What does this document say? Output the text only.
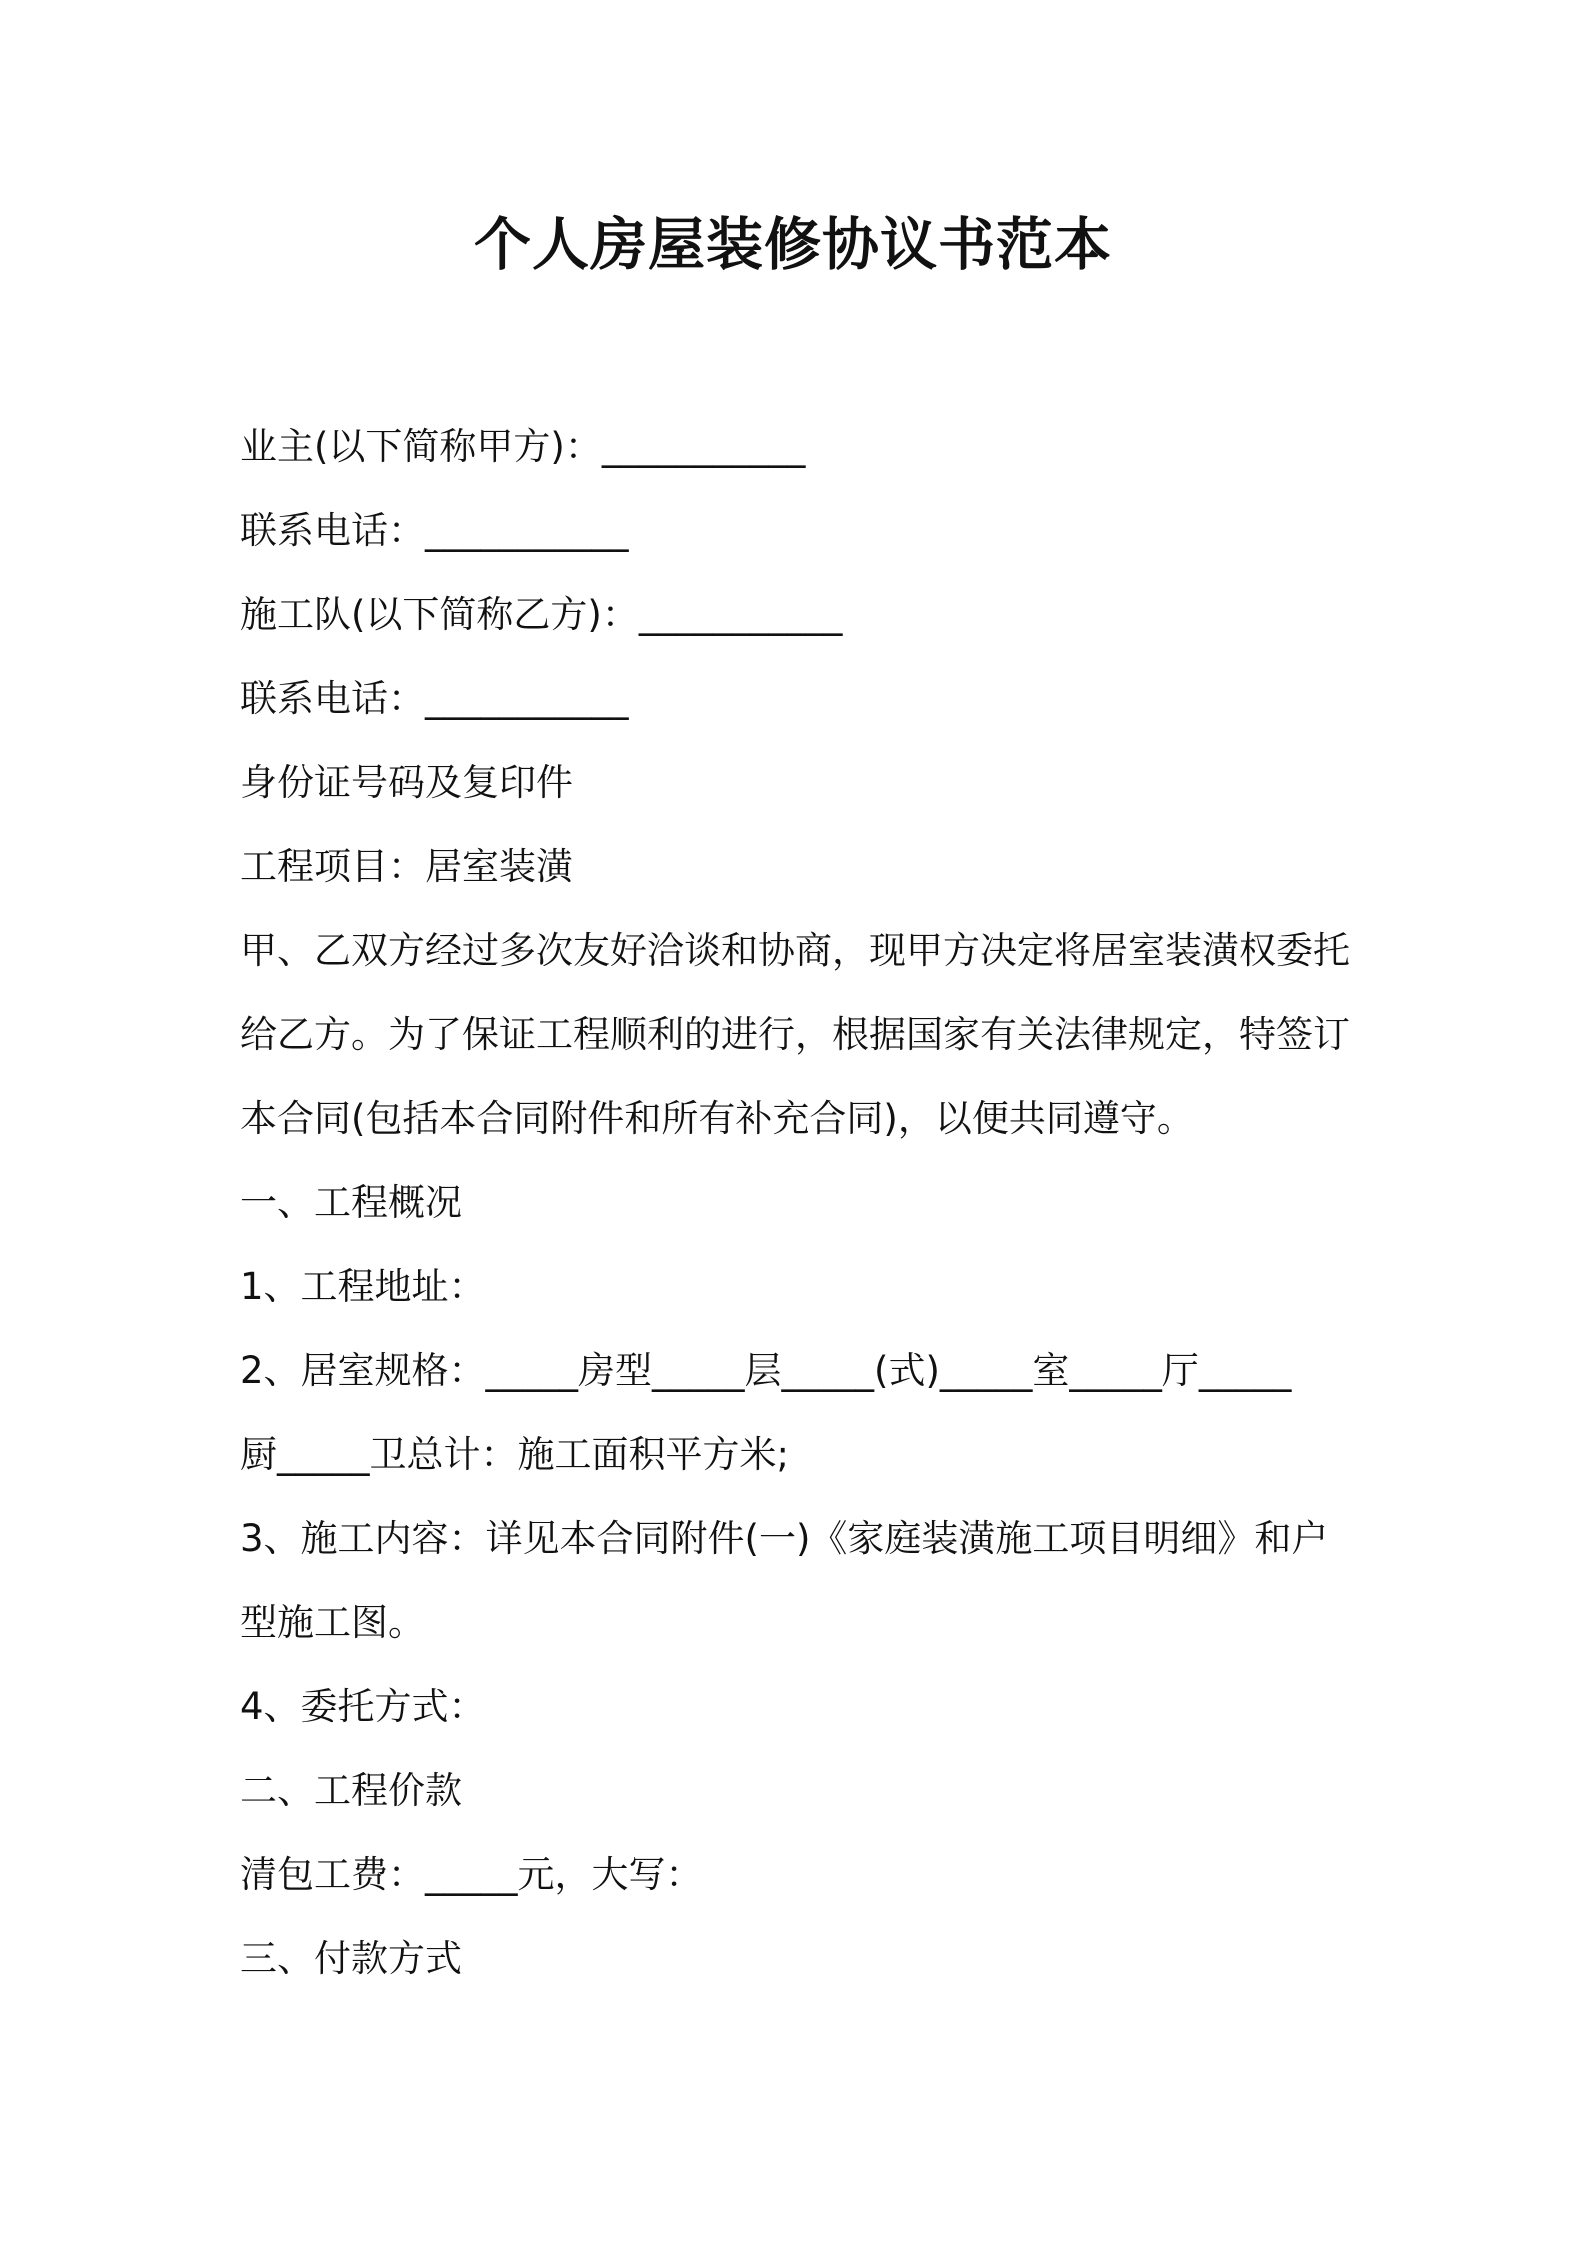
个人房屋装修协议书范本
业主(以下简称甲方)：___________
联系电话：___________
施工队(以下简称乙方)：___________
联系电话：___________
身份证号码及复印件
工程项目：居室装潢
甲、乙双方经过多次友好洽谈和协商，现甲方决定将居室装潢权委托
给乙方。为了保证工程顺利的进行，根据国家有关法律规定，特签订
本合同(包括本合同附件和所有补充合同)，以便共同遵守。
一、工程概况
1、工程地址：
2、居室规格：_____房型_____层_____(式)_____室_____厅_____
厨_____卫总计：施工面积平方米;
3、施工内容：详见本合同附件(一)《家庭装潢施工项目明细》和户
型施工图。
4、委托方式：
二、工程价款
清包工费：_____元，大写：
三、付款方式
